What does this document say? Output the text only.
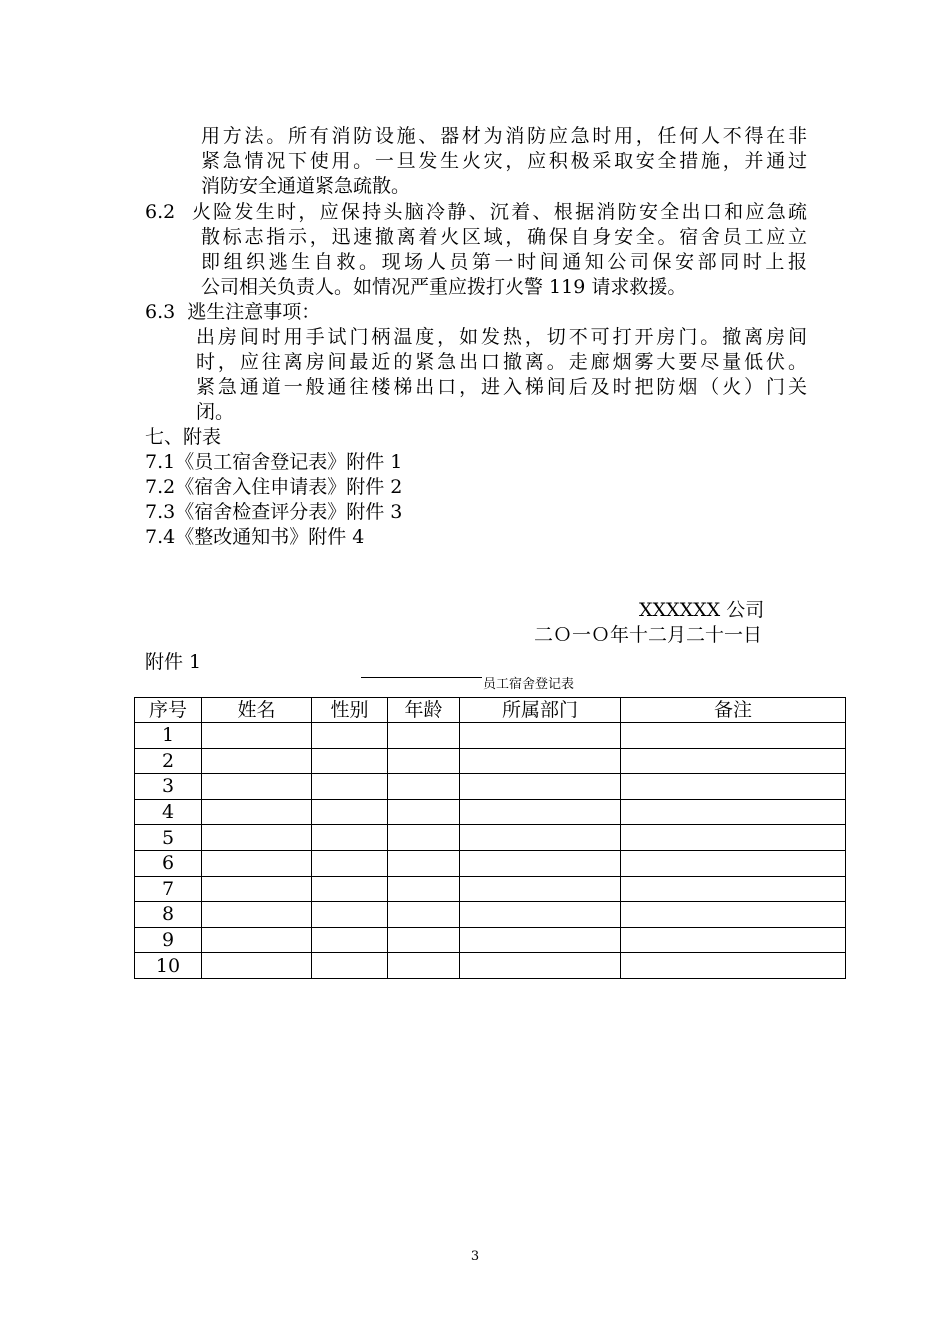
用方法。所有消防设施、器材为消防应急时用，任何人不得在非
紧急情况下使用。一旦发生火灾，应积极采取安全措施，并通过
消防安全通道紧急疏散。
6.2  火险发生时，应保持头脑冷静、沉着、根据消防安全出口和应急疏
散标志指示，迅速撤离着火区域，确保自身安全。宿舍员工应立
即组织逃生自救。现场人员第一时间通知公司保安部同时上报
公司相关负责人。如情况严重应拨打火警 119 请求救援。
6.3  逃生注意事项：
出房间时用手试门柄温度，如发热，切不可打开房门。撤离房间
时，应往离房间最近的紧急出口撤离。走廊烟雾大要尽量低伏。
紧急通道一般通往楼梯出口，进入梯间后及时把防烟（火）门关
闭。
七、附表
7.1《员工宿舍登记表》附件 1
7.2《宿舍入住申请表》附件 2
7.3《宿舍检查评分表》附件 3
7.4《整改通知书》附件 4
XXXXXX 公司
二Ｏ一Ｏ年十二月二十一日
附件 1
员工宿舍登记表
序号	姓名	性别	年龄	所属部门	备注
1					
2					
3					
4					
5					
6					
7					
8					
9					
10					
3
